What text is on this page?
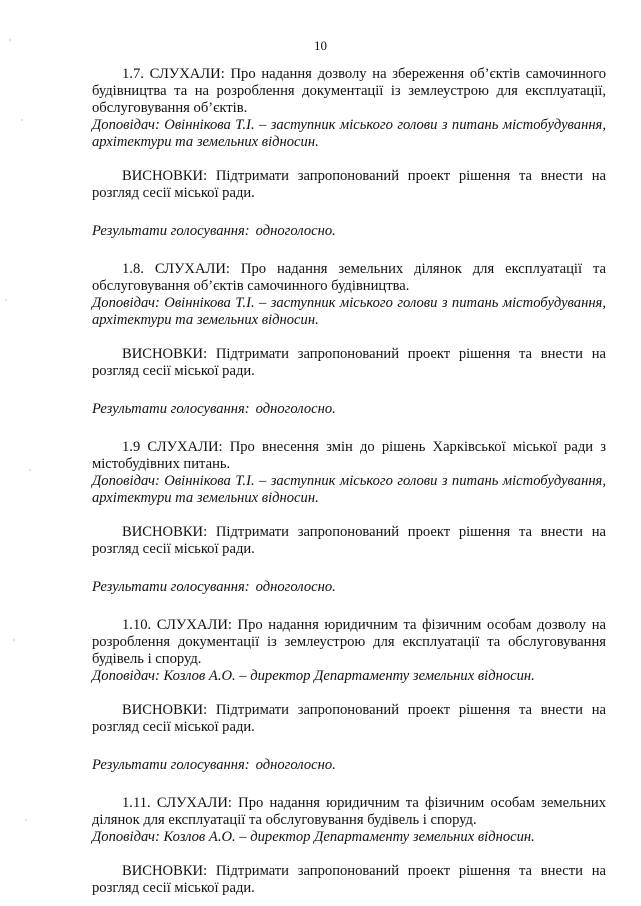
10

1.7. СЛУХАЛИ: Про надання дозволу на збереження об’єктів самочинного будівництва та на розроблення документації із землеустрою для експлуатації, обслуговування об’єктів.

Доповідач: Овіннікова Т.І. – заступник міського голови з питань містобудування, архітектури та земельних відносин.

ВИСНОВКИ: Підтримати запропонований проект рішення та внести на розгляд сесії міської ради.

Результати голосування: одноголосно.

1.8. СЛУХАЛИ: Про надання земельних ділянок для експлуатації та обслуговування об’єктів самочинного будівництва.

Доповідач: Овіннікова Т.І. – заступник міського голови з питань містобудування, архітектури та земельних відносин.

ВИСНОВКИ: Підтримати запропонований проект рішення та внести на розгляд сесії міської ради.

Результати голосування: одноголосно.

1.9 СЛУХАЛИ: Про внесення змін до рішень Харківської міської ради з містобудівних питань.

Доповідач: Овіннікова Т.І. – заступник міського голови з питань містобудування, архітектури та земельних відносин.

ВИСНОВКИ: Підтримати запропонований проект рішення та внести на розгляд сесії міської ради.

Результати голосування: одноголосно.

1.10. СЛУХАЛИ: Про надання юридичним та фізичним особам дозволу на розроблення документації із землеустрою для експлуатації та обслуговування будівель і споруд.

Доповідач: Козлов А.О. – директор Департаменту земельних відносин.

ВИСНОВКИ: Підтримати запропонований проект рішення та внести на розгляд сесії міської ради.

Результати голосування: одноголосно.

1.11. СЛУХАЛИ: Про надання юридичним та фізичним особам земельних ділянок для експлуатації та обслуговування будівель і споруд.

Доповідач: Козлов А.О. – директор Департаменту земельних відносин.

ВИСНОВКИ: Підтримати запропонований проект рішення та внести на розгляд сесії міської ради.
